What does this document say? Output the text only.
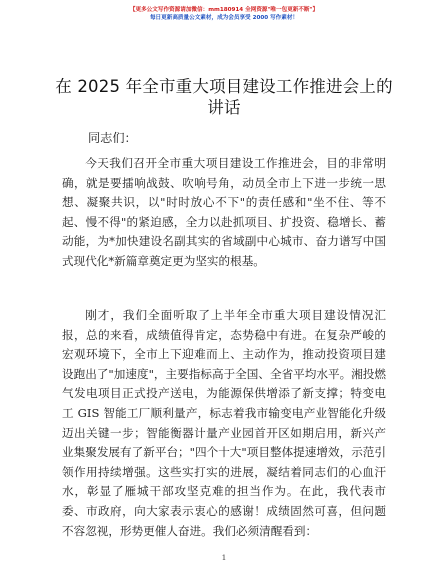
【更多公文写作资源请加微信：mm180914 全网资源"唯一包更新不断"】
每日更新高质量公文素材，成为会员享受 2000 写作素材！
在 2025 年全市重大项目建设工作推进会上的讲话
同志们：

今天我们召开全市重大项目建设工作推进会，目的非常明确，就是要擂响战鼓、吹响号角，动员全市上下进一步统一思想、凝聚共识，以"时时放心不下"的责任感和"坐不住、等不起、慢不得"的紧迫感，全力以赴抓项目、扩投资、稳增长、蓄动能，为*加快建设名副其实的省域副中心城市、奋力谱写中国式现代化*新篇章奠定更为坚实的根基。

刚才，我们全面听取了上半年全市重大项目建设情况汇报，总的来看，成绩值得肯定，态势稳中有进。在复杂严峻的宏观环境下，全市上下迎难而上、主动作为，推动投资项目建设跑出了"加速度"，主要指标高于全国、全省平均水平。湘投燃气发电项目正式投产送电，为能源保供增添了新支撑；特变电工 GIS 智能工厂顺利量产，标志着我市输变电产业智能化升级迈出关键一步；智能衡器计量产业园首开区如期启用，新兴产业集聚发展有了新平台；"四个十大"项目整体提速增效，示范引领作用持续增强。这些实打实的进展，凝结着同志们的心血汗水，彰显了雁城干部攻坚克难的担当作为。在此，我代表市委、市政府，向大家表示衷心的感谢！成绩固然可喜，但问题不容忽视，形势更催人奋进。我们必须清醒看到：

1
